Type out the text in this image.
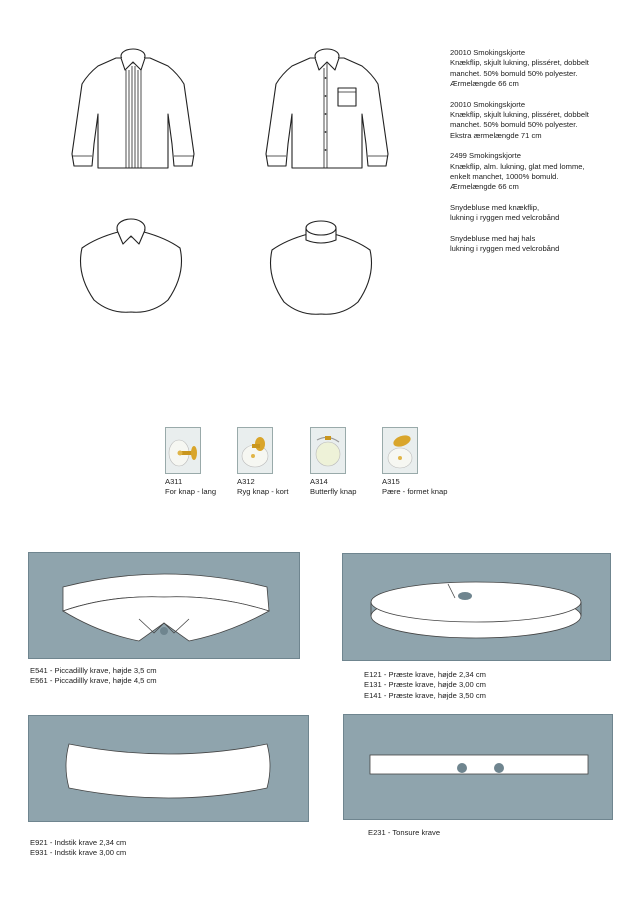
20010 Smokingskjorte
Knækflip, skjult lukning, plisséret, dobbelt
manchet. 50% bomuld 50% polyester.
Ærmelængde 66 cm

20010 Smokingskjorte
Knækflip, skjult lukning, plisséret, dobbelt
manchet. 50% bomuld 50% polyester.
Ekstra ærmelængde 71 cm

2499 Smokingskjorte
Knækflip, alm. lukning, glat med lomme,
enkelt manchet, 1000% bomuld.
Ærmelængde 66 cm

Snydebluse med knækflip,
lukning i ryggen med velcrobånd

Snydebluse med høj hals
lukning i ryggen med velcrobånd

A311
For knap - lang
A312
Ryg knap - kort
A314
Butterfly knap
A315
Pære - formet knap
E541 - Piccadillly krave, højde 3,5 cm
E561 - Piccadillly krave, højde 4,5 cm
E121 - Præste krave, højde 2,34 cm
E131 - Præste krave, højde 3,00 cm
E141 - Præste krave, højde 3,50 cm
E921 - Indstik krave 2,34 cm
E931 - Indstik krave 3,00 cm
E231 - Tonsure krave
